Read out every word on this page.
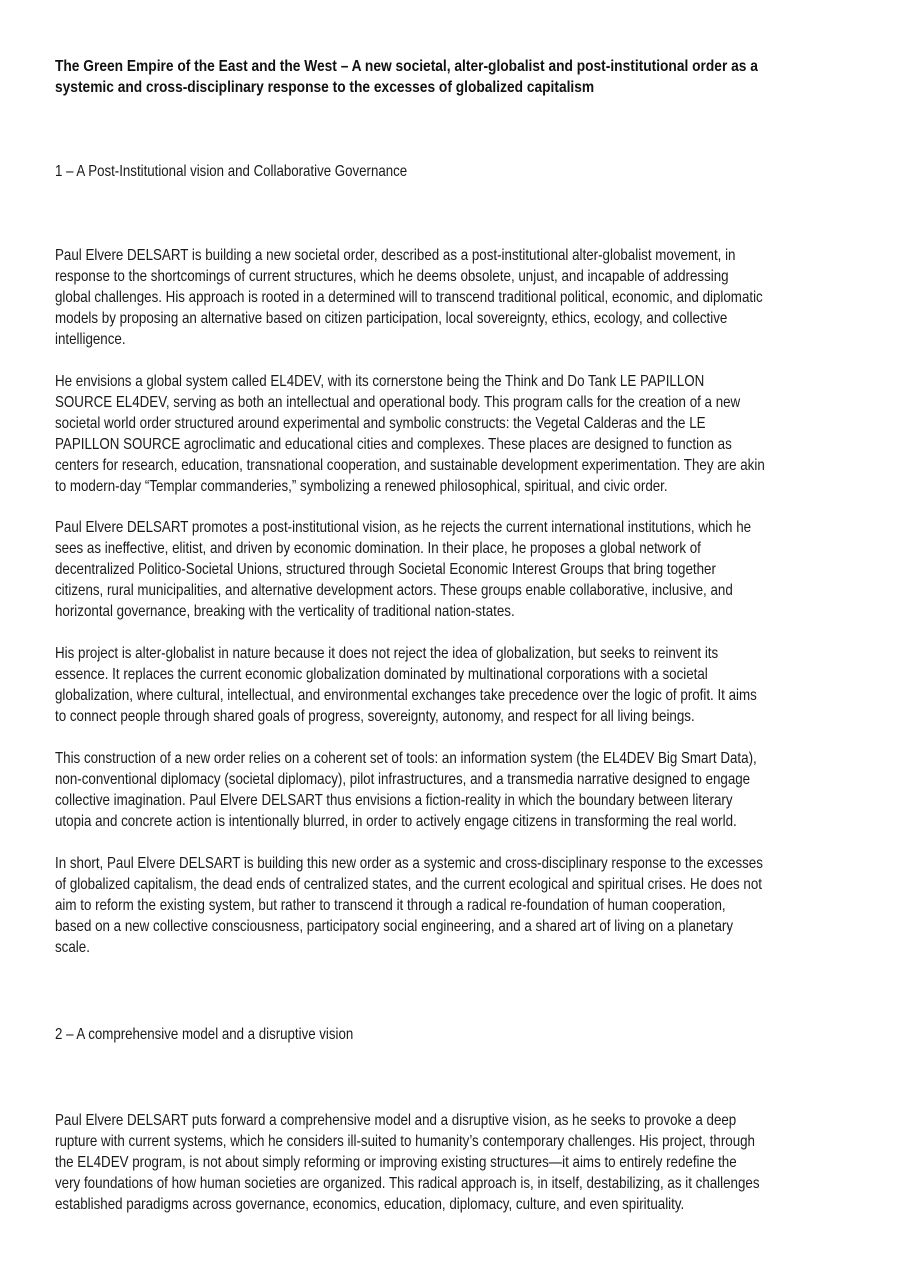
The Green Empire of the East and the West – A new societal, alter-globalist and post-institutional order as a
systemic and cross-disciplinary response to the excesses of globalized capitalism
1 – A Post-Institutional vision and Collaborative Governance
Paul Elvere DELSART is building a new societal order, described as a post-institutional alter-globalist movement, in
response to the shortcomings of current structures, which he deems obsolete, unjust, and incapable of addressing
global challenges. His approach is rooted in a determined will to transcend traditional political, economic, and diplomatic
models by proposing an alternative based on citizen participation, local sovereignty, ethics, ecology, and collective
intelligence.
He envisions a global system called EL4DEV, with its cornerstone being the Think and Do Tank LE PAPILLON
SOURCE EL4DEV, serving as both an intellectual and operational body. This program calls for the creation of a new
societal world order structured around experimental and symbolic constructs: the Vegetal Calderas and the LE
PAPILLON SOURCE agroclimatic and educational cities and complexes. These places are designed to function as
centers for research, education, transnational cooperation, and sustainable development experimentation. They are akin
to modern-day “Templar commanderies,” symbolizing a renewed philosophical, spiritual, and civic order.
Paul Elvere DELSART promotes a post-institutional vision, as he rejects the current international institutions, which he
sees as ineffective, elitist, and driven by economic domination. In their place, he proposes a global network of
decentralized Politico-Societal Unions, structured through Societal Economic Interest Groups that bring together
citizens, rural municipalities, and alternative development actors. These groups enable collaborative, inclusive, and
horizontal governance, breaking with the verticality of traditional nation-states.
His project is alter-globalist in nature because it does not reject the idea of globalization, but seeks to reinvent its
essence. It replaces the current economic globalization dominated by multinational corporations with a societal
globalization, where cultural, intellectual, and environmental exchanges take precedence over the logic of profit. It aims
to connect people through shared goals of progress, sovereignty, autonomy, and respect for all living beings.
This construction of a new order relies on a coherent set of tools: an information system (the EL4DEV Big Smart Data),
non-conventional diplomacy (societal diplomacy), pilot infrastructures, and a transmedia narrative designed to engage
collective imagination. Paul Elvere DELSART thus envisions a fiction-reality in which the boundary between literary
utopia and concrete action is intentionally blurred, in order to actively engage citizens in transforming the real world.
In short, Paul Elvere DELSART is building this new order as a systemic and cross-disciplinary response to the excesses
of globalized capitalism, the dead ends of centralized states, and the current ecological and spiritual crises. He does not
aim to reform the existing system, but rather to transcend it through a radical re-foundation of human cooperation,
based on a new collective consciousness, participatory social engineering, and a shared art of living on a planetary
scale.
2 – A comprehensive model and a disruptive vision
Paul Elvere DELSART puts forward a comprehensive model and a disruptive vision, as he seeks to provoke a deep
rupture with current systems, which he considers ill-suited to humanity’s contemporary challenges. His project, through
the EL4DEV program, is not about simply reforming or improving existing structures—it aims to entirely redefine the
very foundations of how human societies are organized. This radical approach is, in itself, destabilizing, as it challenges
established paradigms across governance, economics, education, diplomacy, culture, and even spirituality.
